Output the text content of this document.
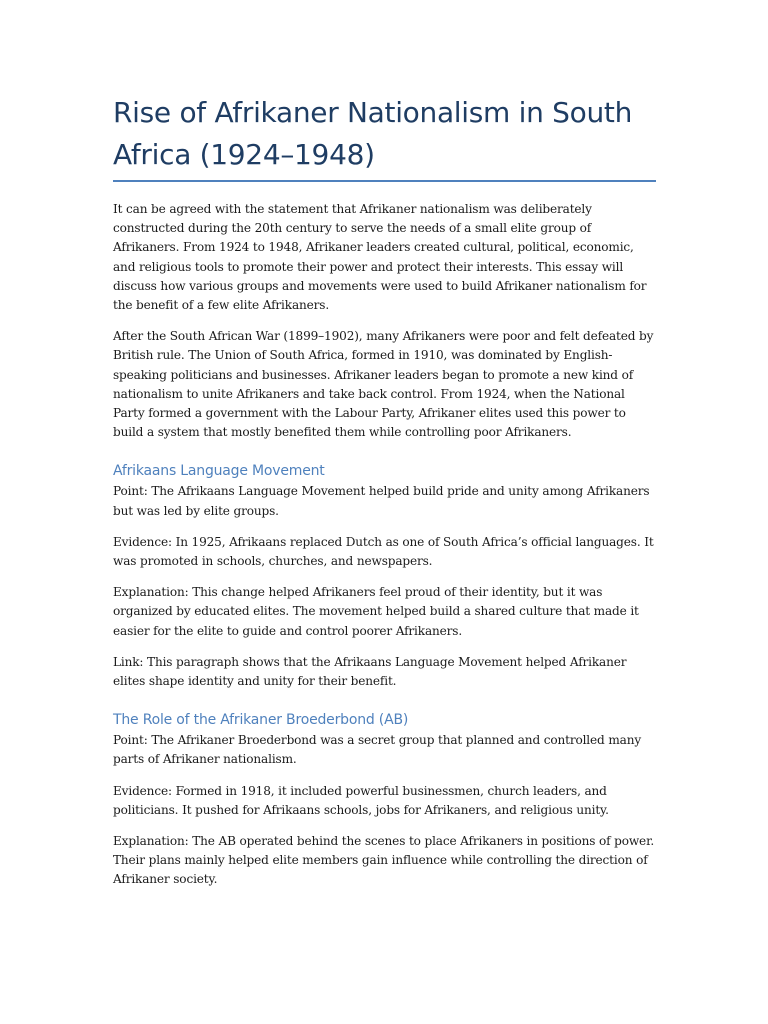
Rise of Afrikaner Nationalism in South Africa (1924–1948)

It can be agreed with the statement that Afrikaner nationalism was deliberately constructed during the 20th century to serve the needs of a small elite group of Afrikaners. From 1924 to 1948, Afrikaner leaders created cultural, political, economic, and religious tools to promote their power and protect their interests. This essay will discuss how various groups and movements were used to build Afrikaner nationalism for the benefit of a few elite Afrikaners.

After the South African War (1899–1902), many Afrikaners were poor and felt defeated by British rule. The Union of South Africa, formed in 1910, was dominated by English-speaking politicians and businesses. Afrikaner leaders began to promote a new kind of nationalism to unite Afrikaners and take back control. From 1924, when the National Party formed a government with the Labour Party, Afrikaner elites used this power to build a system that mostly benefited them while controlling poor Afrikaners.

Afrikaans Language Movement

Point: The Afrikaans Language Movement helped build pride and unity among Afrikaners but was led by elite groups.

Evidence: In 1925, Afrikaans replaced Dutch as one of South Africa’s official languages. It was promoted in schools, churches, and newspapers.

Explanation: This change helped Afrikaners feel proud of their identity, but it was organized by educated elites. The movement helped build a shared culture that made it easier for the elite to guide and control poorer Afrikaners.

Link: This paragraph shows that the Afrikaans Language Movement helped Afrikaner elites shape identity and unity for their benefit.

The Role of the Afrikaner Broederbond (AB)

Point: The Afrikaner Broederbond was a secret group that planned and controlled many parts of Afrikaner nationalism.

Evidence: Formed in 1918, it included powerful businessmen, church leaders, and politicians. It pushed for Afrikaans schools, jobs for Afrikaners, and religious unity.

Explanation: The AB operated behind the scenes to place Afrikaners in positions of power. Their plans mainly helped elite members gain influence while controlling the direction of Afrikaner society.
